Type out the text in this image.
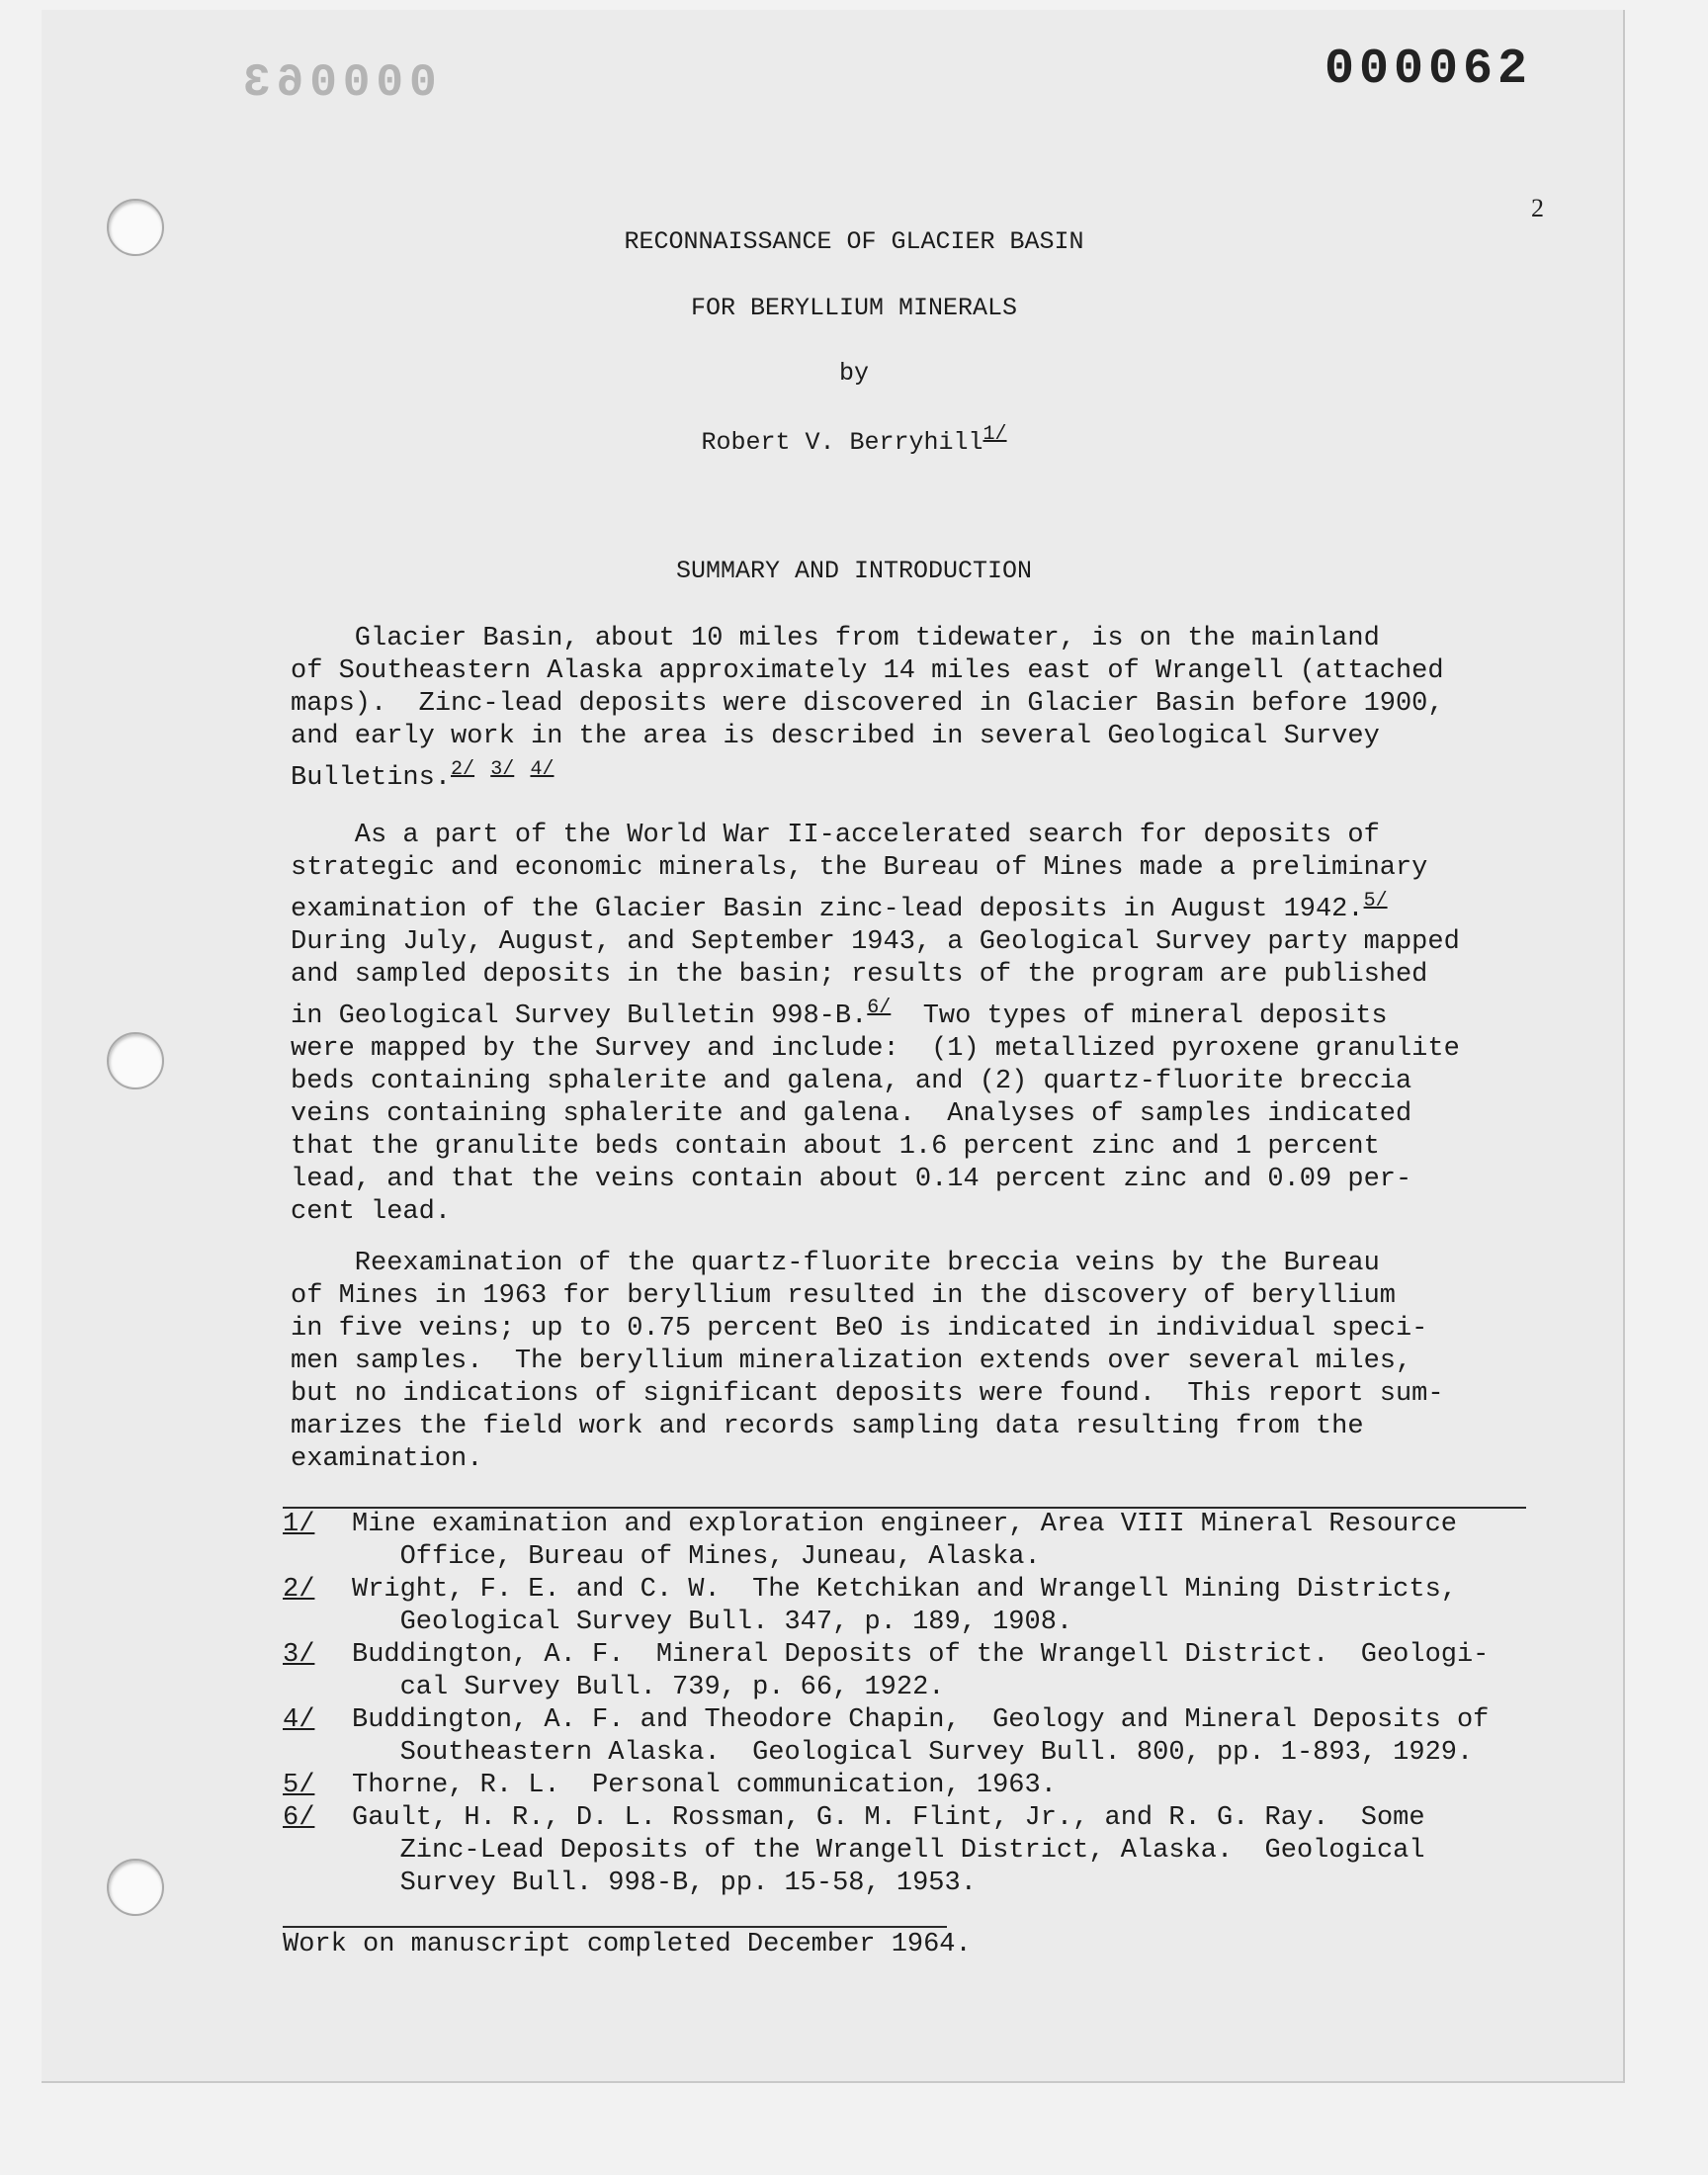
000063	000062
2
RECONNAISSANCE OF GLACIER BASIN
FOR BERYLLIUM MINERALS
by
Robert V. Berryhill$^{1/}$
SUMMARY AND INTRODUCTION
Glacier Basin, about 10 miles from tidewater, is on the mainland
of Southeastern Alaska approximately 14 miles east of Wrangell (attached
maps).  Zinc-lead deposits were discovered in Glacier Basin before 1900,
and early work in the area is described in several Geological Survey
Bulletins.$^{2/}$ $^{3/}$ $^{4/}$
As a part of the World War II-accelerated search for deposits of
strategic and economic minerals, the Bureau of Mines made a preliminary
examination of the Glacier Basin zinc-lead deposits in August 1942.$^{5/}$
During July, August, and September 1943, a Geological Survey party mapped
and sampled deposits in the basin; results of the program are published
in Geological Survey Bulletin 998-B.$^{6/}$  Two types of mineral deposits
were mapped by the Survey and include:  (1) metallized pyroxene granulite
beds containing sphalerite and galena, and (2) quartz-fluorite breccia
veins containing sphalerite and galena.  Analyses of samples indicated
that the granulite beds contain about 1.6 percent zinc and 1 percent
lead, and that the veins contain about 0.14 percent zinc and 0.09 per-
cent lead.
Reexamination of the quartz-fluorite breccia veins by the Bureau
of Mines in 1963 for beryllium resulted in the discovery of beryllium
in five veins; up to 0.75 percent BeO is indicated in individual speci-
men samples.  The beryllium mineralization extends over several miles,
but no indications of significant deposits were found.  This report sum-
marizes the field work and records sampling data resulting from the
examination.
1/	Mine examination and exploration engineer, Area VIII Mineral Resource
Office, Bureau of Mines, Juneau, Alaska.
2/	Wright, F. E. and C. W.  The Ketchikan and Wrangell Mining Districts,
Geological Survey Bull. 347, p. 189, 1908.
3/	Buddington, A. F.  Mineral Deposits of the Wrangell District.  Geologi-
cal Survey Bull. 739, p. 66, 1922.
4/	Buddington, A. F. and Theodore Chapin,  Geology and Mineral Deposits of
Southeastern Alaska.  Geological Survey Bull. 800, pp. 1-893, 1929.
5/	Thorne, R. L.  Personal communication, 1963.
6/	Gault, H. R., D. L. Rossman, G. M. Flint, Jr., and R. G. Ray.  Some
Zinc-Lead Deposits of the Wrangell District, Alaska.  Geological
Survey Bull. 998-B, pp. 15-58, 1953.
Work on manuscript completed December 1964.
